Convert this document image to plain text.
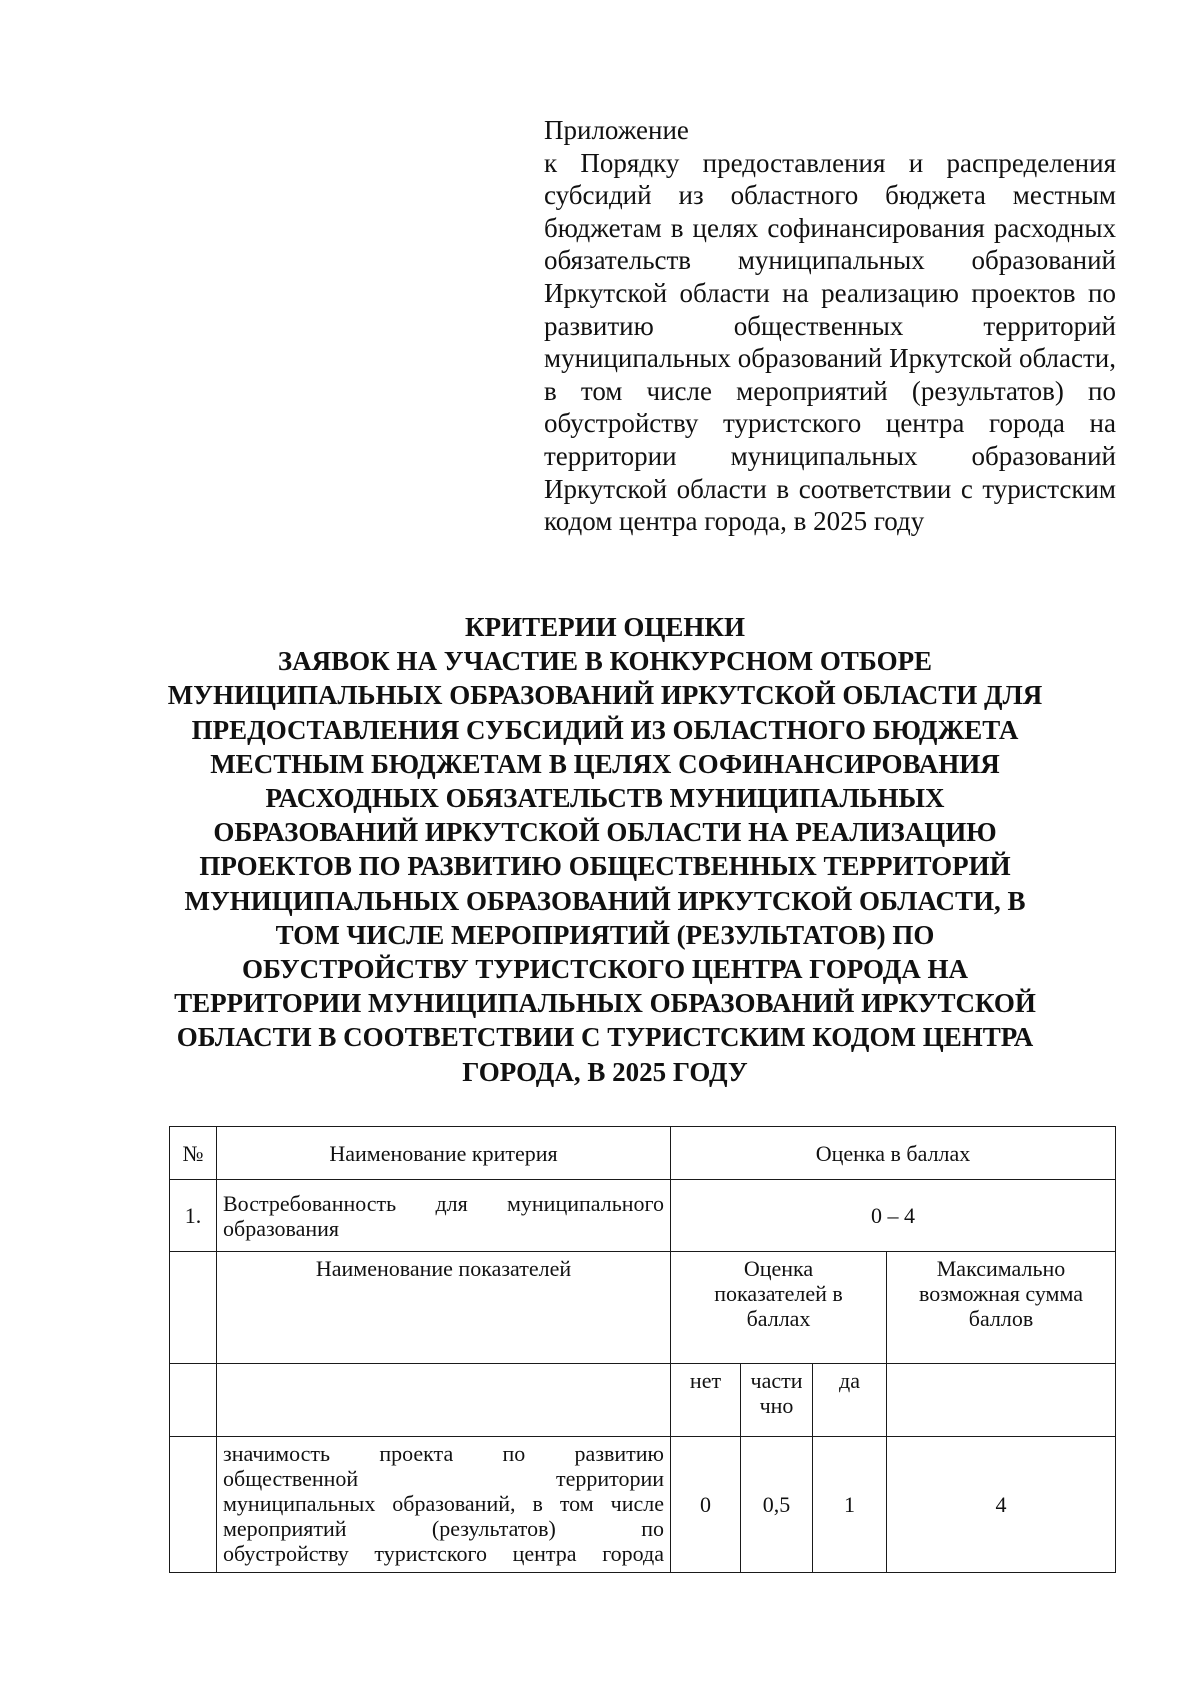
Приложение

к Порядку предоставления и распределения субсидий из областного бюджета местным бюджетам в целях софинансирования расходных обязательств муниципальных образований Иркутской области на реализацию проектов по развитию общественных территорий муниципальных образований Иркутской области, в том числе мероприятий (результатов) по обустройству туристского центра города на территории муниципальных образований Иркутской области в соответствии с туристским кодом центра города, в 2025 году

КРИТЕРИИ ОЦЕНКИ
ЗАЯВОК НА УЧАСТИЕ В КОНКУРСНОМ ОТБОРЕ
МУНИЦИПАЛЬНЫХ ОБРАЗОВАНИЙ ИРКУТСКОЙ ОБЛАСТИ ДЛЯ
ПРЕДОСТАВЛЕНИЯ СУБСИДИЙ ИЗ ОБЛАСТНОГО БЮДЖЕТА
МЕСТНЫМ БЮДЖЕТАМ В ЦЕЛЯХ СОФИНАНСИРОВАНИЯ
РАСХОДНЫХ ОБЯЗАТЕЛЬСТВ МУНИЦИПАЛЬНЫХ
ОБРАЗОВАНИЙ ИРКУТСКОЙ ОБЛАСТИ НА РЕАЛИЗАЦИЮ
ПРОЕКТОВ ПО РАЗВИТИЮ ОБЩЕСТВЕННЫХ ТЕРРИТОРИЙ
МУНИЦИПАЛЬНЫХ ОБРАЗОВАНИЙ ИРКУТСКОЙ ОБЛАСТИ, В
ТОМ ЧИСЛЕ МЕРОПРИЯТИЙ (РЕЗУЛЬТАТОВ) ПО
ОБУСТРОЙСТВУ ТУРИСТСКОГО ЦЕНТРА ГОРОДА НА
ТЕРРИТОРИИ МУНИЦИПАЛЬНЫХ ОБРАЗОВАНИЙ ИРКУТСКОЙ
ОБЛАСТИ В СООТВЕТСТВИИ С ТУРИСТСКИМ КОДОМ ЦЕНТРА
ГОРОДА, В 2025 ГОДУ
№	Наименование критерия	Оценка в баллах			
1.	Востребованность для муниципального образования	0 – 4			
	Наименование показателей	Оценка показателей в баллах			Максимально возможная сумма баллов
		нет	части чно	да	

	значимость проекта по развитию
общественной территории
муниципальных образований, в том числе
мероприятий (результатов) по
обустройству туристского центра города	0	0,5	1	4
